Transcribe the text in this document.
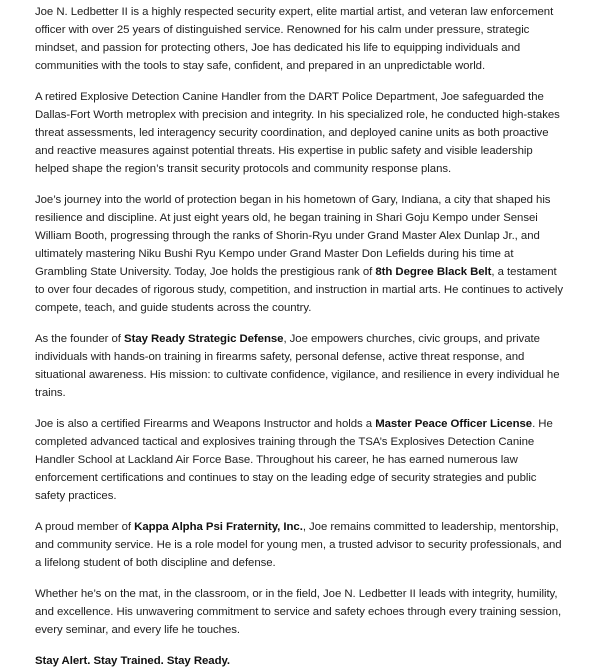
Joe N. Ledbetter II is a highly respected security expert, elite martial artist, and veteran law enforcement officer with over 25 years of distinguished service. Renowned for his calm under pressure, strategic mindset, and passion for protecting others, Joe has dedicated his life to equipping individuals and communities with the tools to stay safe, confident, and prepared in an unpredictable world.

A retired Explosive Detection Canine Handler from the DART Police Department, Joe safeguarded the Dallas-Fort Worth metroplex with precision and integrity. In his specialized role, he conducted high-stakes threat assessments, led interagency security coordination, and deployed canine units as both proactive and reactive measures against potential threats. His expertise in public safety and visible leadership helped shape the region’s transit security protocols and community response plans.

Joe’s journey into the world of protection began in his hometown of Gary, Indiana, a city that shaped his resilience and discipline. At just eight years old, he began training in Shari Goju Kempo under Sensei William Booth, progressing through the ranks of Shorin-Ryu under Grand Master Alex Dunlap Jr., and ultimately mastering Niku Bushi Ryu Kempo under Grand Master Don Lefields during his time at Grambling State University. Today, Joe holds the prestigious rank of 8th Degree Black Belt, a testament to over four decades of rigorous study, competition, and instruction in martial arts. He continues to actively compete, teach, and guide students across the country.

As the founder of Stay Ready Strategic Defense, Joe empowers churches, civic groups, and private individuals with hands-on training in firearms safety, personal defense, active threat response, and situational awareness. His mission: to cultivate confidence, vigilance, and resilience in every individual he trains.

Joe is also a certified Firearms and Weapons Instructor and holds a Master Peace Officer License. He completed advanced tactical and explosives training through the TSA’s Explosives Detection Canine Handler School at Lackland Air Force Base. Throughout his career, he has earned numerous law enforcement certifications and continues to stay on the leading edge of security strategies and public safety practices.

A proud member of Kappa Alpha Psi Fraternity, Inc., Joe remains committed to leadership, mentorship, and community service. He is a role model for young men, a trusted advisor to security professionals, and a lifelong student of both discipline and defense.

Whether he’s on the mat, in the classroom, or in the field, Joe N. Ledbetter II leads with integrity, humility, and excellence. His unwavering commitment to service and safety echoes through every training session, every seminar, and every life he touches.

Stay Alert. Stay Trained. Stay Ready.
